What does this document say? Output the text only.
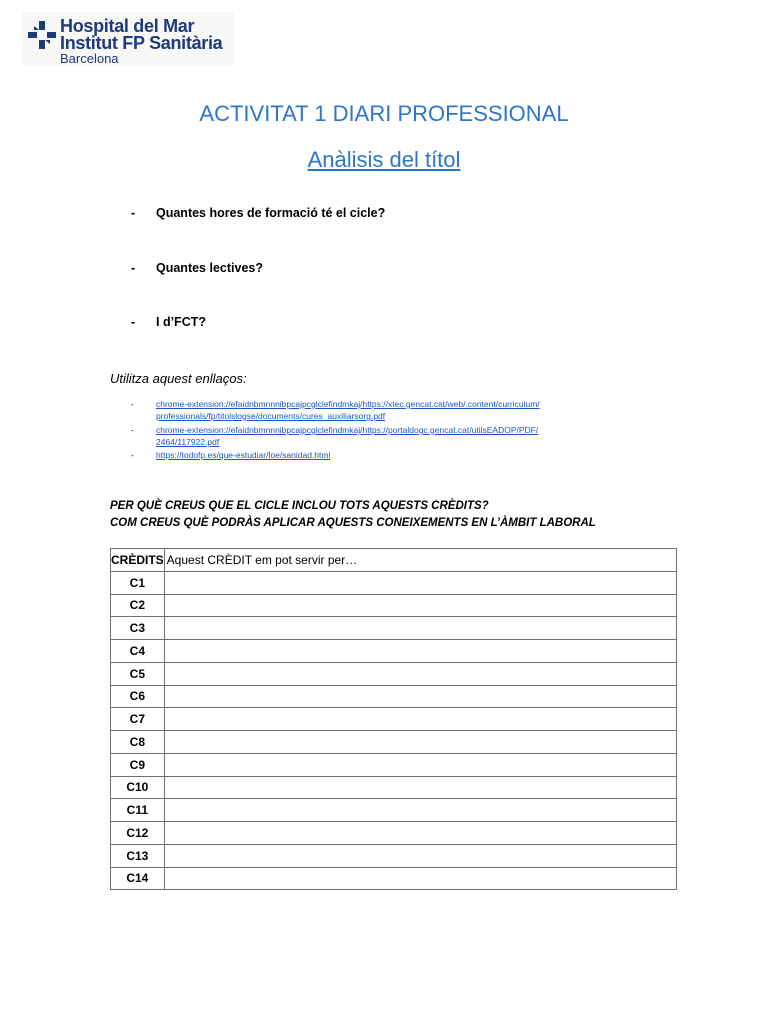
Hospital del Mar
Institut FP Sanitària
Barcelona
ACTIVITAT 1 DIARI PROFESSIONAL
Anàlisis del títol
- Quantes hores de formació té el cicle?
- Quantes lectives?
- I d’FCT?
Utilitza aquest enllaços:
-	chrome-extension://efaidnbmnnnibpcajpcglclefindmkaj/https://xtec.gencat.cat/web/.content/curriculum/
professionals/fp/titolslogse/documents/cures_auxiliarsorg.pdf
-	chrome-extension://efaidnbmnnnibpcajpcglclefindmkaj/https://portaldogc.gencat.cat/utilsEADOP/PDF/
2464/117922.pdf
-	https://todofp.es/que-estudiar/loe/sanidad.html
PER QUÈ CREUS QUE EL CICLE INCLOU TOTS AQUESTS CRÈDITS?
COM CREUS QUÈ PODRÀS APLICAR AQUESTS CONEIXEMENTS EN L’ÀMBIT LABORAL
CRÈDITS	Aquest CRÈDIT em pot servir per…
C1	
C2	
C3	
C4	
C5	
C6	
C7	
C8	
C9	
C10	
C11	
C12	
C13	
C14	
